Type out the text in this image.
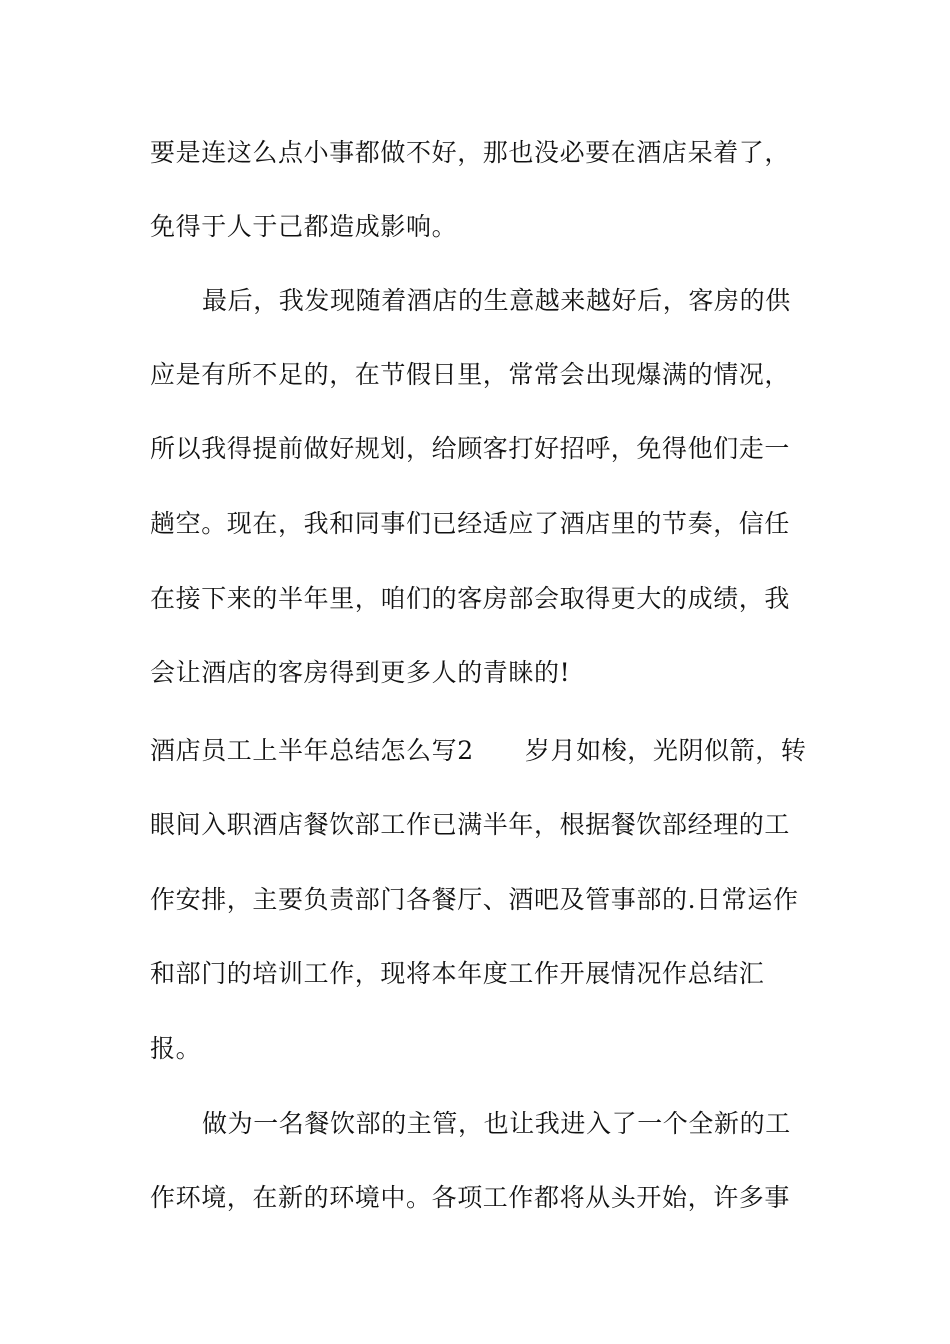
要是连这么点小事都做不好，那也没必要在酒店呆着了，
免得于人于己都造成影响。
最后，我发现随着酒店的生意越来越好后，客房的供
应是有所不足的，在节假日里，常常会出现爆满的情况，
所以我得提前做好规划，给顾客打好招呼，免得他们走一
趟空。现在，我和同事们已经适应了酒店里的节奏，信任
在接下来的半年里，咱们的客房部会取得更大的成绩，我
会让酒店的客房得到更多人的青睐的!
酒店员工上半年总结怎么写2　　岁月如梭，光阴似箭，转
眼间入职酒店餐饮部工作已满半年，根据餐饮部经理的工
作安排，主要负责部门各餐厅、酒吧及管事部的.日常运作
和部门的培训工作，现将本年度工作开展情况作总结汇
报。
做为一名餐饮部的主管，也让我进入了一个全新的工
作环境，在新的环境中。各项工作都将从头开始，许多事
